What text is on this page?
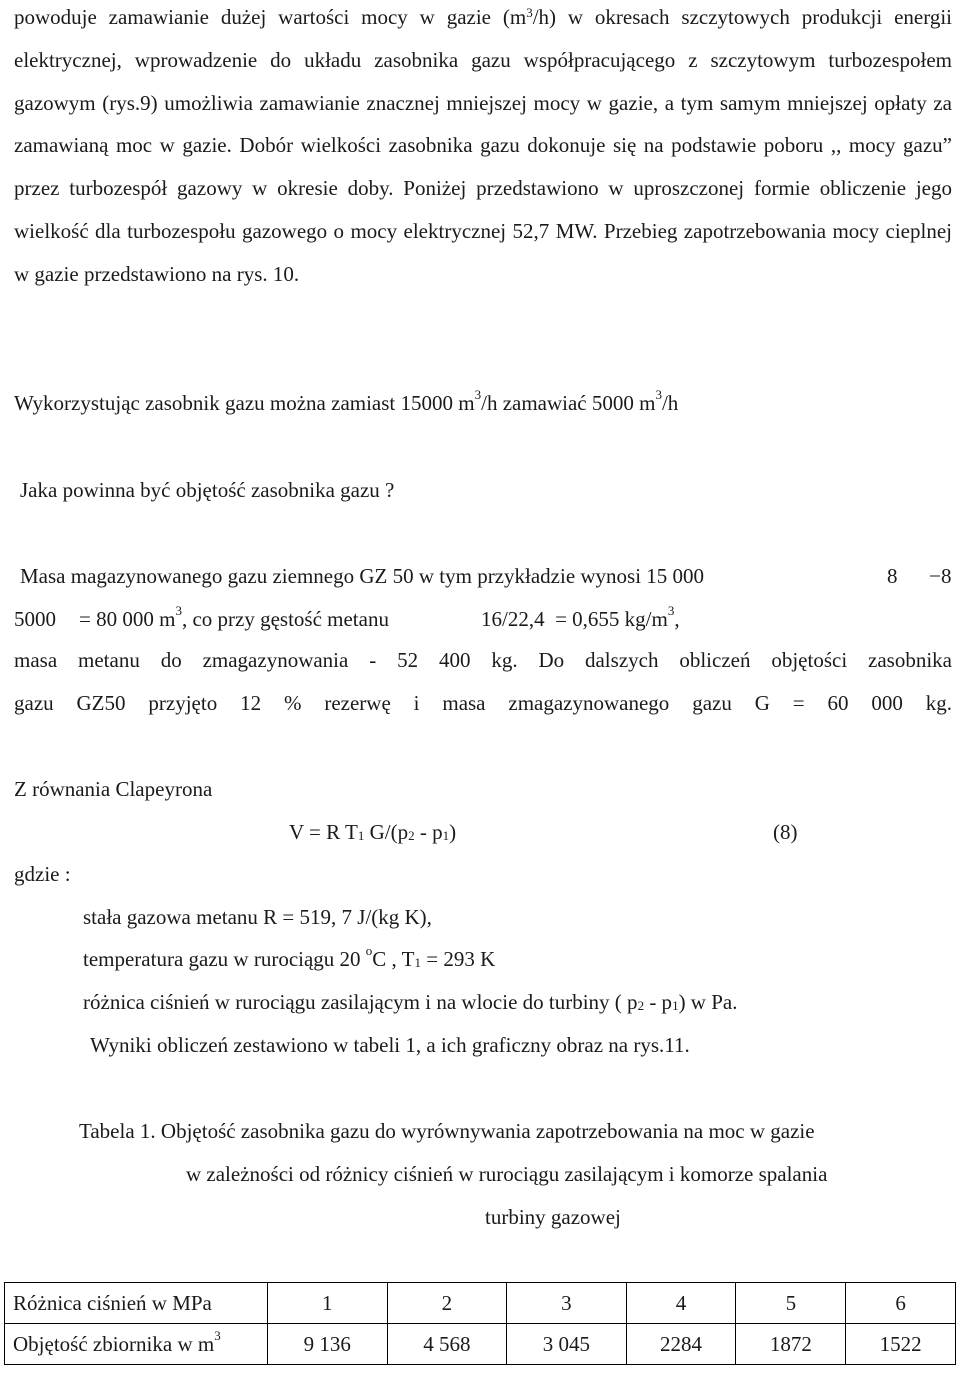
powoduje zamawianie dużej wartości mocy w gazie $(m^3/h)$ w okresach szczytowych produkcji energii elektrycznej, wprowadzenie do układu zasobnika gazu współpracującego z szczytowym turbozespołem gazowym (rys.9) umożliwia zamawianie znacznej mniejszej mocy w gazie, a tym samym mniejszej opłaty za zamawianą moc w gazie. Dobór wielkości zasobnika gazu dokonuje się na podstawie poboru ,, mocy gazu” przez turbozespół gazowy w okresie doby. Poniżej przedstawiono w uproszczonej formie obliczenie jego wielkość dla turbozespołu gazowego o mocy elektrycznej 52,7 MW. Przebieg zapotrzebowania mocy cieplnej w gazie przedstawiono na rys. 10.
Wykorzystując zasobnik gazu można zamiast 15000 $m^3/h$ zamawiać 5000 $m^3/h$
Jaka powinna być objętość zasobnika gazu ?
Masa magazynowanego gazu ziemnego GZ 50 w tym przykładzie wynosi 15 000	8 8
5000 = 80 000 $m^3$, co przy gęstość metanu	16/22,4 = 0,655 $kg/m^3$,
masa metanu do zmagazynowania - 52 400 kg. Do dalszych obliczeń objętości zasobnika
gazu GZ50 przyjęto 12 % rezerwę i masa zmagazynowanego gazu G = 60 000 kg.
Z równania Clapeyrona
V = R $T_1$ $G/(p_2 - p_1)$	(8)
gdzie :
stała gazowa metanu R = 519, 7 J/(kg K),
temperatura gazu w rurociągu 20 $^o$C , $T_1 = 293$ K
różnica ciśnień w rurociągu zasilającym i na wlocie do turbiny ( $p_2 - p_1$) w Pa.
Wyniki obliczeń zestawiono w tabeli 1, a ich graficzny obraz na rys.11.
Tabela 1. Objętość zasobnika gazu do wyrównywania zapotrzebowania na moc w gazie
w zależności od różnicy ciśnień w rurociągu zasilającym i komorze spalania
turbiny gazowej
Różnica ciśnień w MPa	1	2	3	4	5	6
Objętość zbiornika w $m^3$	9 136	4 568	3 045	2284	1872	1522
